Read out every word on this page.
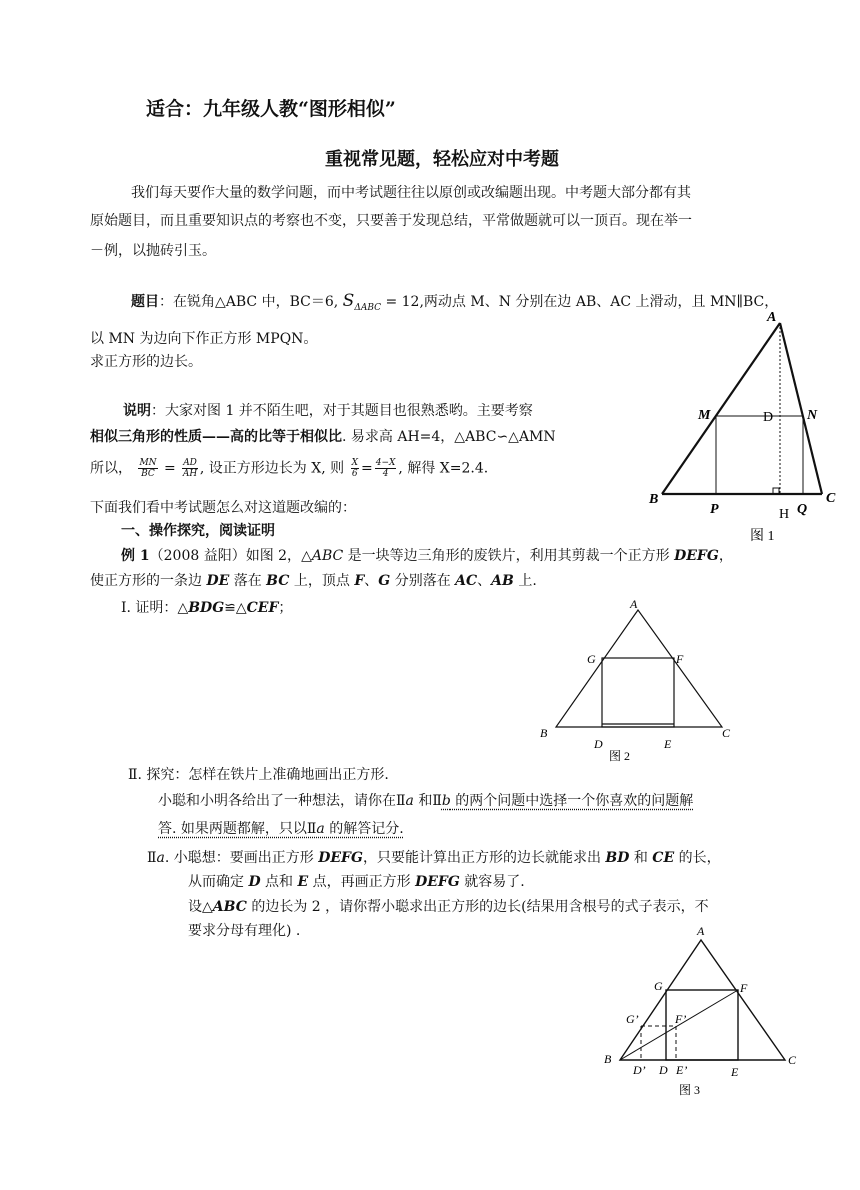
适合：九年级人教“图形相似”
重视常见题，轻松应对中考题
我们每天要作大量的数学问题，而中考试题往往以原创或改编题出现。中考题大部分都有其
原始题目，而且重要知识点的考察也不变，只要善于发现总结，平常做题就可以一顶百。现在举一
－例，以抛砖引玉。
题目：在锐角△ABC 中，BC＝6, $S_{\Delta ABC} = 12$,两动点 M、N 分别在边 AB、AC 上滑动，且 MN∥BC，
以 MN 为边向下作正方形 MPQN。
求正方形的边长。
说明：大家对图 1 并不陌生吧，对于其题目也很熟悉哟。主要考察
相似三角形的性质——高的比等于相似比. 易求高 AH=4，△ABC∽△AMN
所以， $\frac{MN}{BC} = \frac{AD}{AH}$ , 设正方形边长为 X, 则 $\frac{X}{6} = \frac{4-X}{4}$ , 解得 X=2.4.
下面我们看中考试题怎么对这道题改编的：
一、操作探究，阅读证明
例 1（2008 益阳）如图 2，△ABC 是一块等边三角形的废铁片，利用其剪裁一个正方形 DEFG，
使正方形的一条边 DE 落在 BC 上，顶点 F、G 分别落在 AC、AB 上.
Ⅰ. 证明：△BDG≌△CEF；
Ⅱ. 探究：怎样在铁片上准确地画出正方形.
小聪和小明各给出了一种想法，请你在Ⅱa 和Ⅱb 的两个问题中选择一个你喜欢的问题解
答. 如果两题都解，只以Ⅱa 的解答记分.
Ⅱa. 小聪想：要画出正方形 DEFG，只要能计算出正方形的边长就能求出 BD 和 CE 的长，
从而确定 D 点和 E 点，再画正方形 DEFG 就容易了.
设△ABC 的边长为 2 ，请你帮小聪求出正方形的边长(结果用含根号的式子表示，不
要求分母有理化) .
A
B	C
M	N
P	Q
D
H
图 1
A
B	C
G	F
D	E
图 2
A
B	C
G	F
G’	F’
D’ D E’	E
图 3
